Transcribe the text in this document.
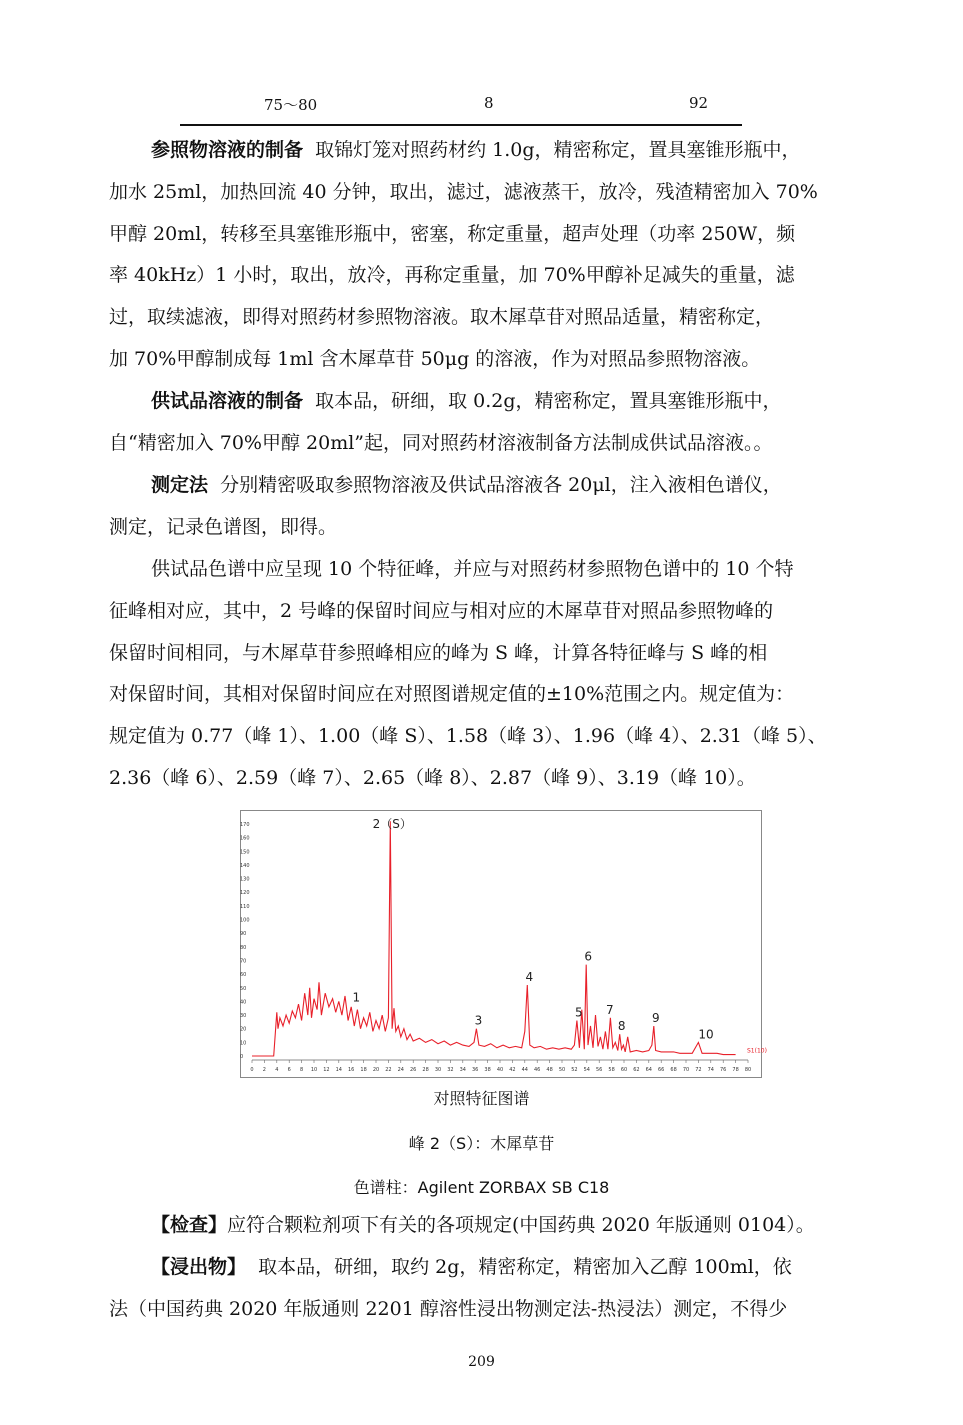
75～80	8	92
参照物溶液的制备 取锦灯笼对照药材约 1.0g，精密称定，置具塞锥形瓶中，
加水 25ml，加热回流 40 分钟，取出，滤过，滤液蒸干，放冷，残渣精密加入 70%
甲醇 20ml，转移至具塞锥形瓶中，密塞，称定重量，超声处理（功率 250W，频
率 40kHz）1 小时，取出，放冷，再称定重量，加 70%甲醇补足减失的重量，滤
过，取续滤液，即得对照药材参照物溶液。取木犀草苷对照品适量，精密称定，
加 70%甲醇制成每 1ml 含木犀草苷 50μg 的溶液，作为对照品参照物溶液。
供试品溶液的制备 取本品，研细，取 0.2g，精密称定，置具塞锥形瓶中，
自“精密加入 70%甲醇 20ml”起，同对照药材溶液制备方法制成供试品溶液。。
测定法 分别精密吸取参照物溶液及供试品溶液各 20μl，注入液相色谱仪，
测定，记录色谱图，即得。
供试品色谱中应呈现 10 个特征峰，并应与对照药材参照物色谱中的 10 个特
征峰相对应，其中，2 号峰的保留时间应与相对应的木犀草苷对照品参照物峰的
保留时间相同，与木犀草苷参照峰相应的峰为 S 峰，计算各特征峰与 S 峰的相
对保留时间，其相对保留时间应在对照图谱规定值的±10%范围之内。规定值为：
规定值为 0.77（峰 1）、1.00（峰 S）、1.58（峰 3）、1.96（峰 4）、2.31（峰 5）、
2.36（峰 6）、2.59（峰 7）、2.65（峰 8）、2.87（峰 9）、3.19（峰 10）。
0
10
20
30
40
50
60
70
80
90
100
110
120
130
140
150
160
170
0 2 4 6 8 10 12 14 16 18 20 22 24 26 28 30 32 34 36 38 40 42 44 46 48 50 52 54 56 58 60 62 64 66 68 70 72 74 76 78 80
S1(10)
1
2（S）
3
4
5
6
7
8
9
10
对照特征图谱
峰 2（S）：木犀草苷
色谱柱：Agilent ZORBAX SB C18
【检查】应符合颗粒剂项下有关的各项规定(中国药典 2020 年版通则 0104）。
【浸出物】 取本品，研细，取约 2g，精密称定，精密加入乙醇 100ml，依
法（中国药典 2020 年版通则 2201 醇溶性浸出物测定法-热浸法）测定，不得少
209
